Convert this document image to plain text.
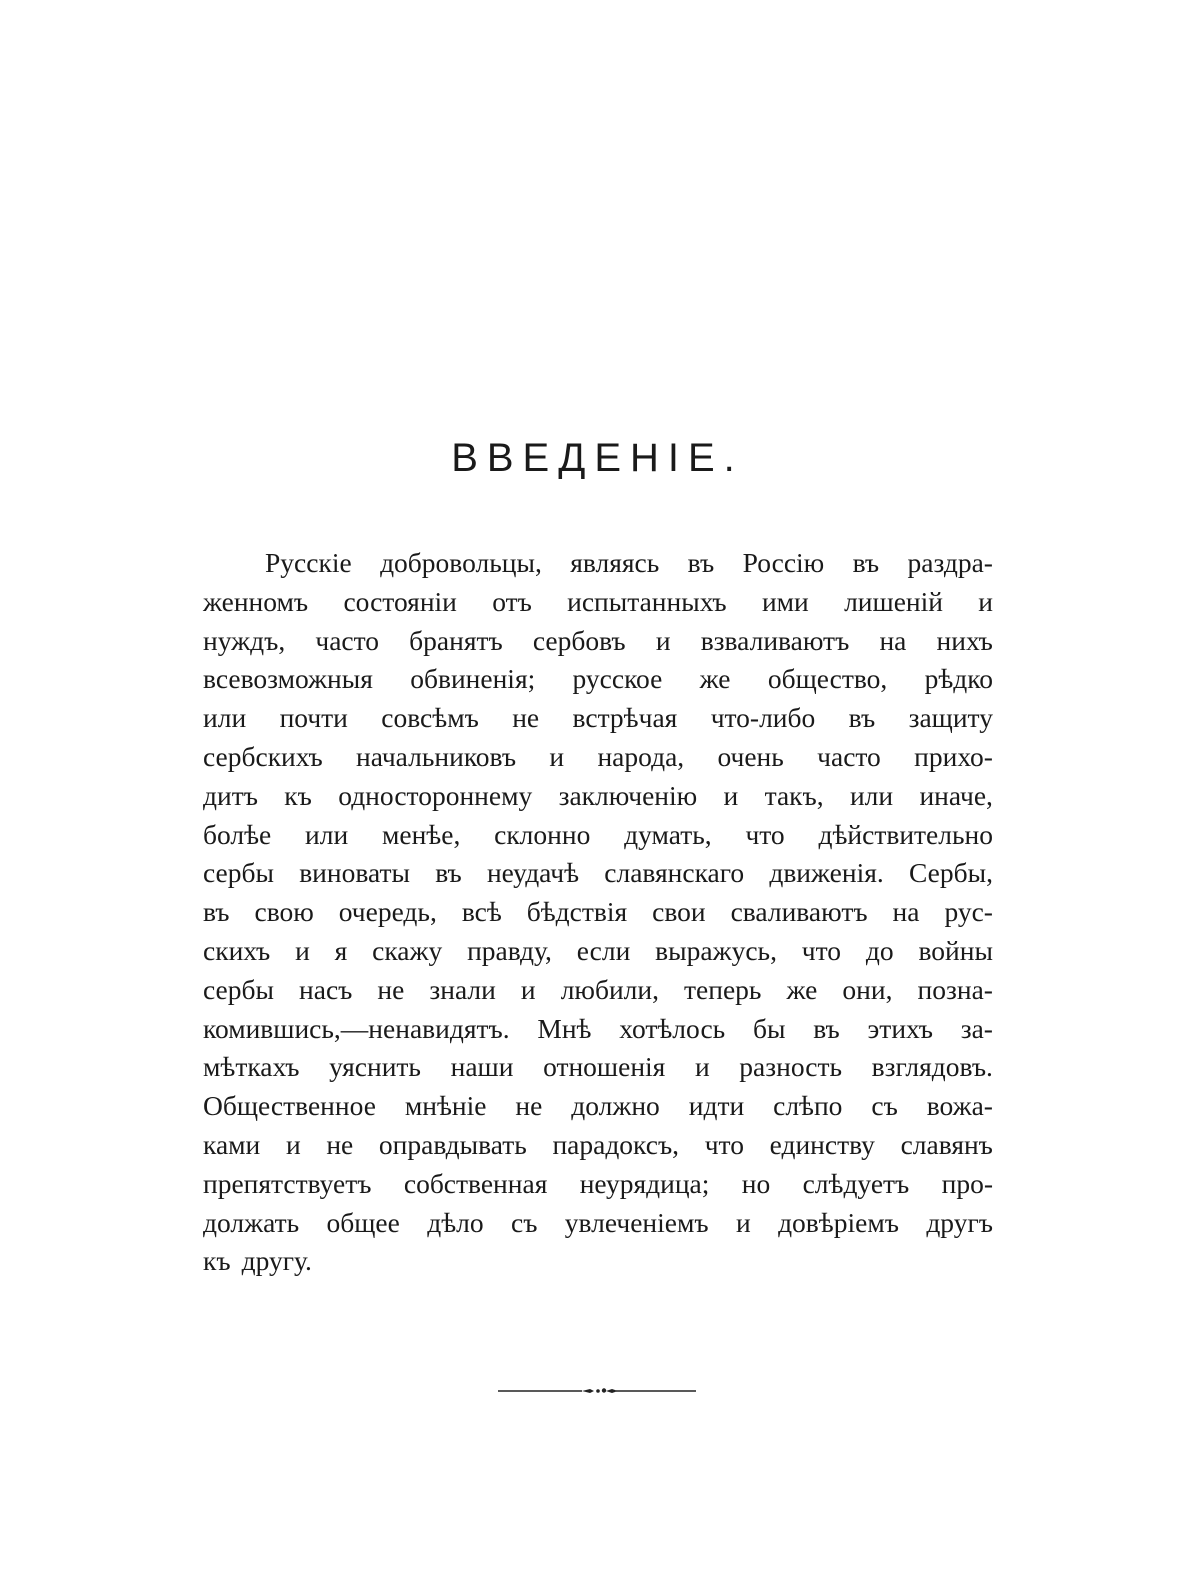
ВВЕДЕНІЕ.
Русскіе добровольцы, являясь въ Россію въ раздра-
женномъ состояніи отъ испытанныхъ ими лишеній и
нуждъ, часто бранятъ сербовъ и взваливаютъ на нихъ
всевозможныя обвиненія; русское же общество, рѣдко
или почти совсѣмъ не встрѣчая что-либо въ защиту
сербскихъ начальниковъ и народа, очень часто прихо-
дитъ къ одностороннему заключенію и такъ, или иначе,
болѣе или менѣе, склонно думать, что дѣйствительно
сербы виноваты въ неудачѣ славянскаго движенія. Сербы,
въ свою очередь, всѣ бѣдствія свои сваливаютъ на рус-
скихъ и я скажу правду, если выражусь, что до войны
сербы насъ не знали и любили, теперь же они, позна-
комившись,—ненавидятъ. Мнѣ хотѣлось бы въ этихъ за-
мѣткахъ уяснить наши отношенія и разность взглядовъ.
Общественное мнѣніе не должно идти слѣпо съ вожа-
ками и не оправдывать парадоксъ, что единству славянъ
препятствуетъ собственная неурядица; но слѣдуетъ про-
должать общее дѣло съ увлеченіемъ и довѣріемъ другъ
къ другу.
